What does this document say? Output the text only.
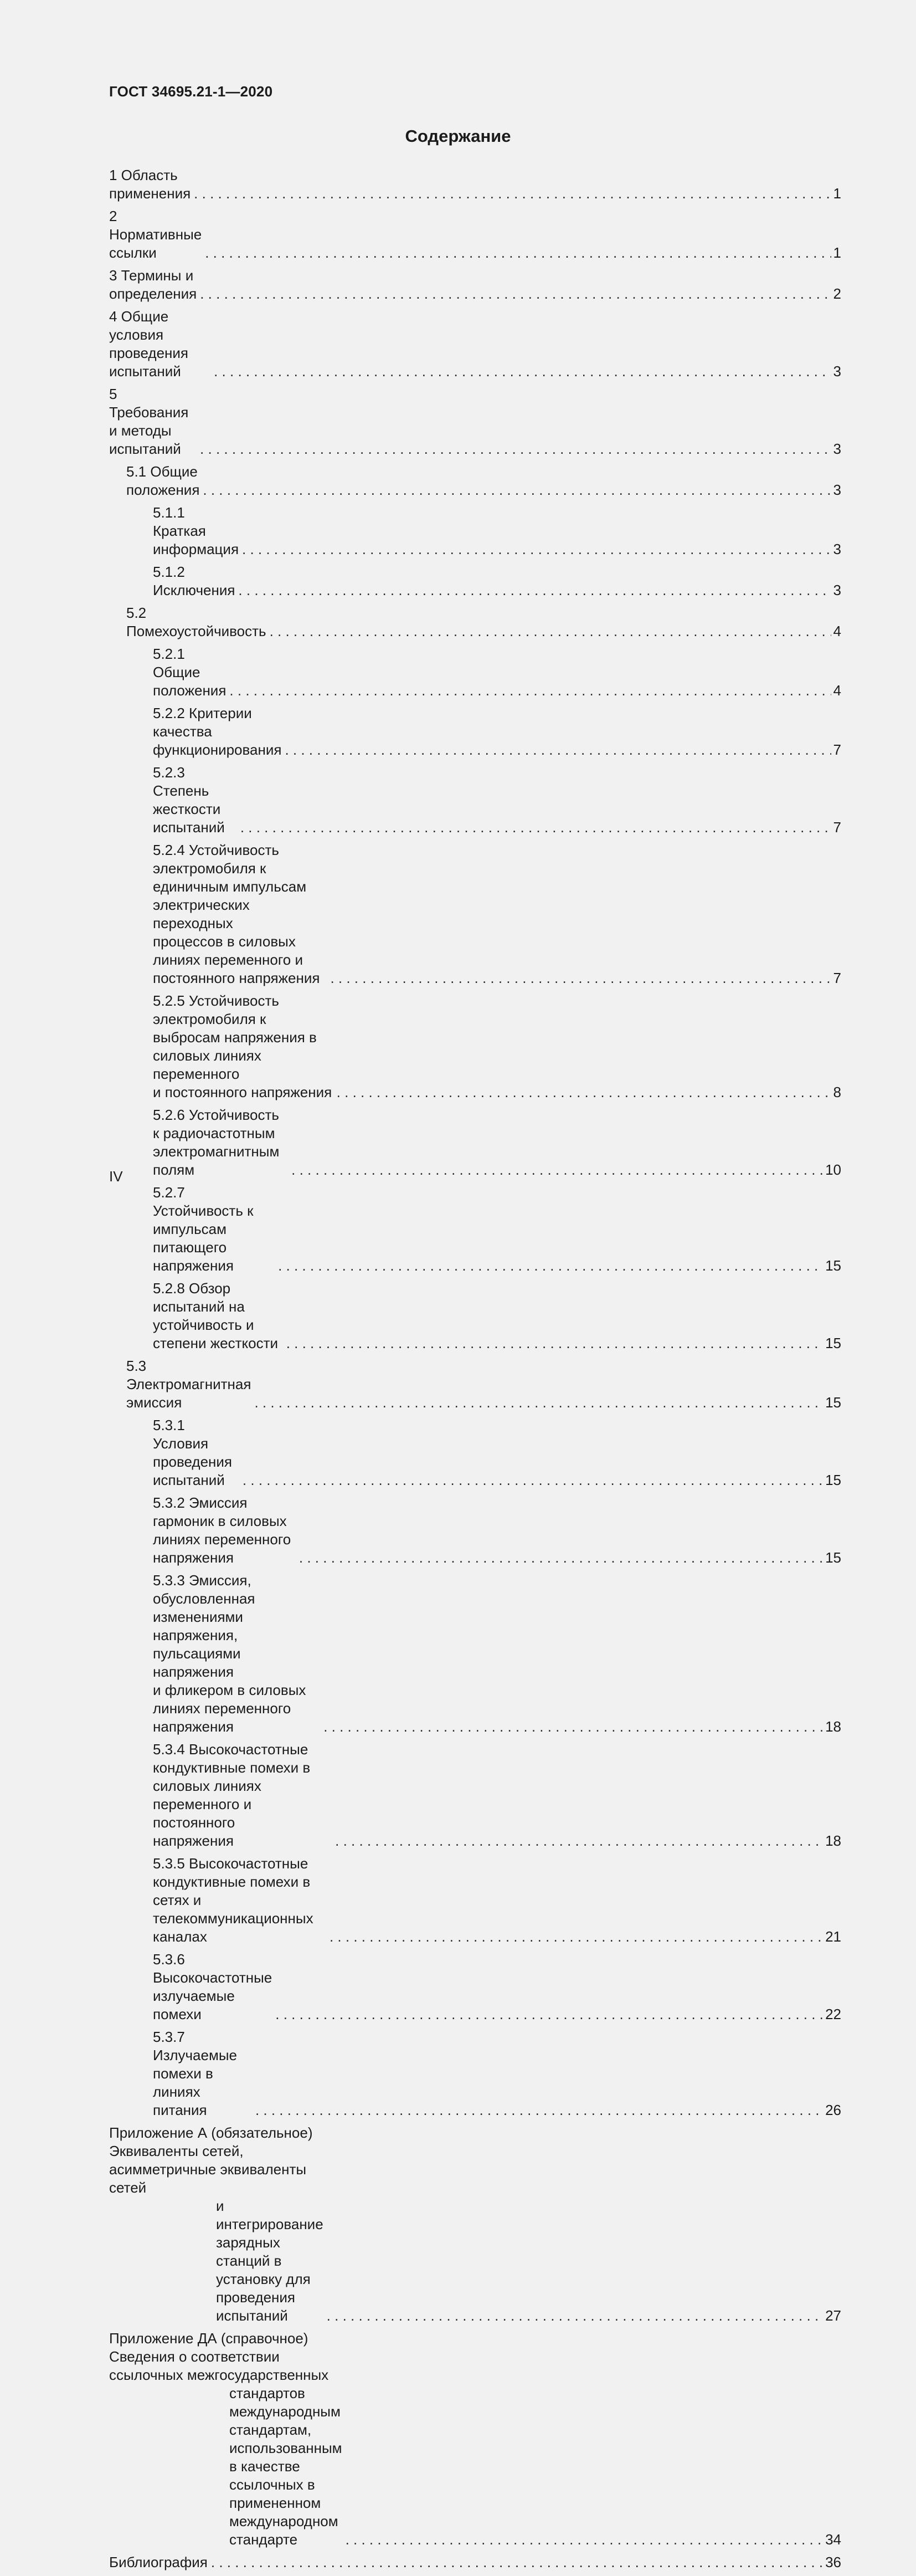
ГОСТ 34695.21-1—2020
Содержание
1 Область применения . . .	1
2 Нормативные ссылки . . .	1
3 Термины и определения . . .	2
4 Общие условия проведения испытаний . . .	3
5 Требования и методы испытаний . . .	3
5.1 Общие положения . . .	3
5.1.1 Краткая информация . . .	3
5.1.2 Исключения . . .	3
5.2 Помехоустойчивость . . .	4
5.2.1 Общие положения . . .	4
5.2.2 Критерии качества функционирования . . .	7
5.2.3 Степень жесткости испытаний . . .	7
5.2.4 Устойчивость электромобиля к единичным импульсам электрических переходных
процессов в силовых линиях переменного и постоянного напряжения . . .	7
5.2.5 Устойчивость электромобиля к выбросам напряжения в силовых линиях переменного
и постоянного напряжения . . .	8
5.2.6 Устойчивость к радиочастотным электромагнитным полям . . .	10
5.2.7 Устойчивость к импульсам питающего напряжения . . .	15
5.2.8 Обзор испытаний на устойчивость и степени жесткости . . .	15
5.3 Электромагнитная эмиссия . . .	15
5.3.1 Условия проведения испытаний . . .	15
5.3.2 Эмиссия гармоник в силовых линиях переменного напряжения . . .	15
5.3.3 Эмиссия, обусловленная изменениями напряжения, пульсациями напряжения
и фликером в силовых линиях переменного напряжения . . .	18
5.3.4 Высокочастотные кондуктивные помехи в силовых линиях переменного и постоянного
напряжения . . .	18
5.3.5 Высокочастотные кондуктивные помехи в сетях и телекоммуникационных каналах . . .	21
5.3.6 Высокочастотные излучаемые помехи . . .	22
5.3.7 Излучаемые помехи в линиях питания . . .	26
Приложение А (обязательное) Эквиваленты сетей, асимметричные эквиваленты сетей
и интегрирование зарядных станций в установку для проведения испытаний . . .	27
Приложение ДА (справочное) Сведения о соответствии ссылочных межгосударственных
стандартов международным стандартам, использованным в качестве
ссылочных в примененном международном стандарте . . .	34
Библиография . . .	36
IV
